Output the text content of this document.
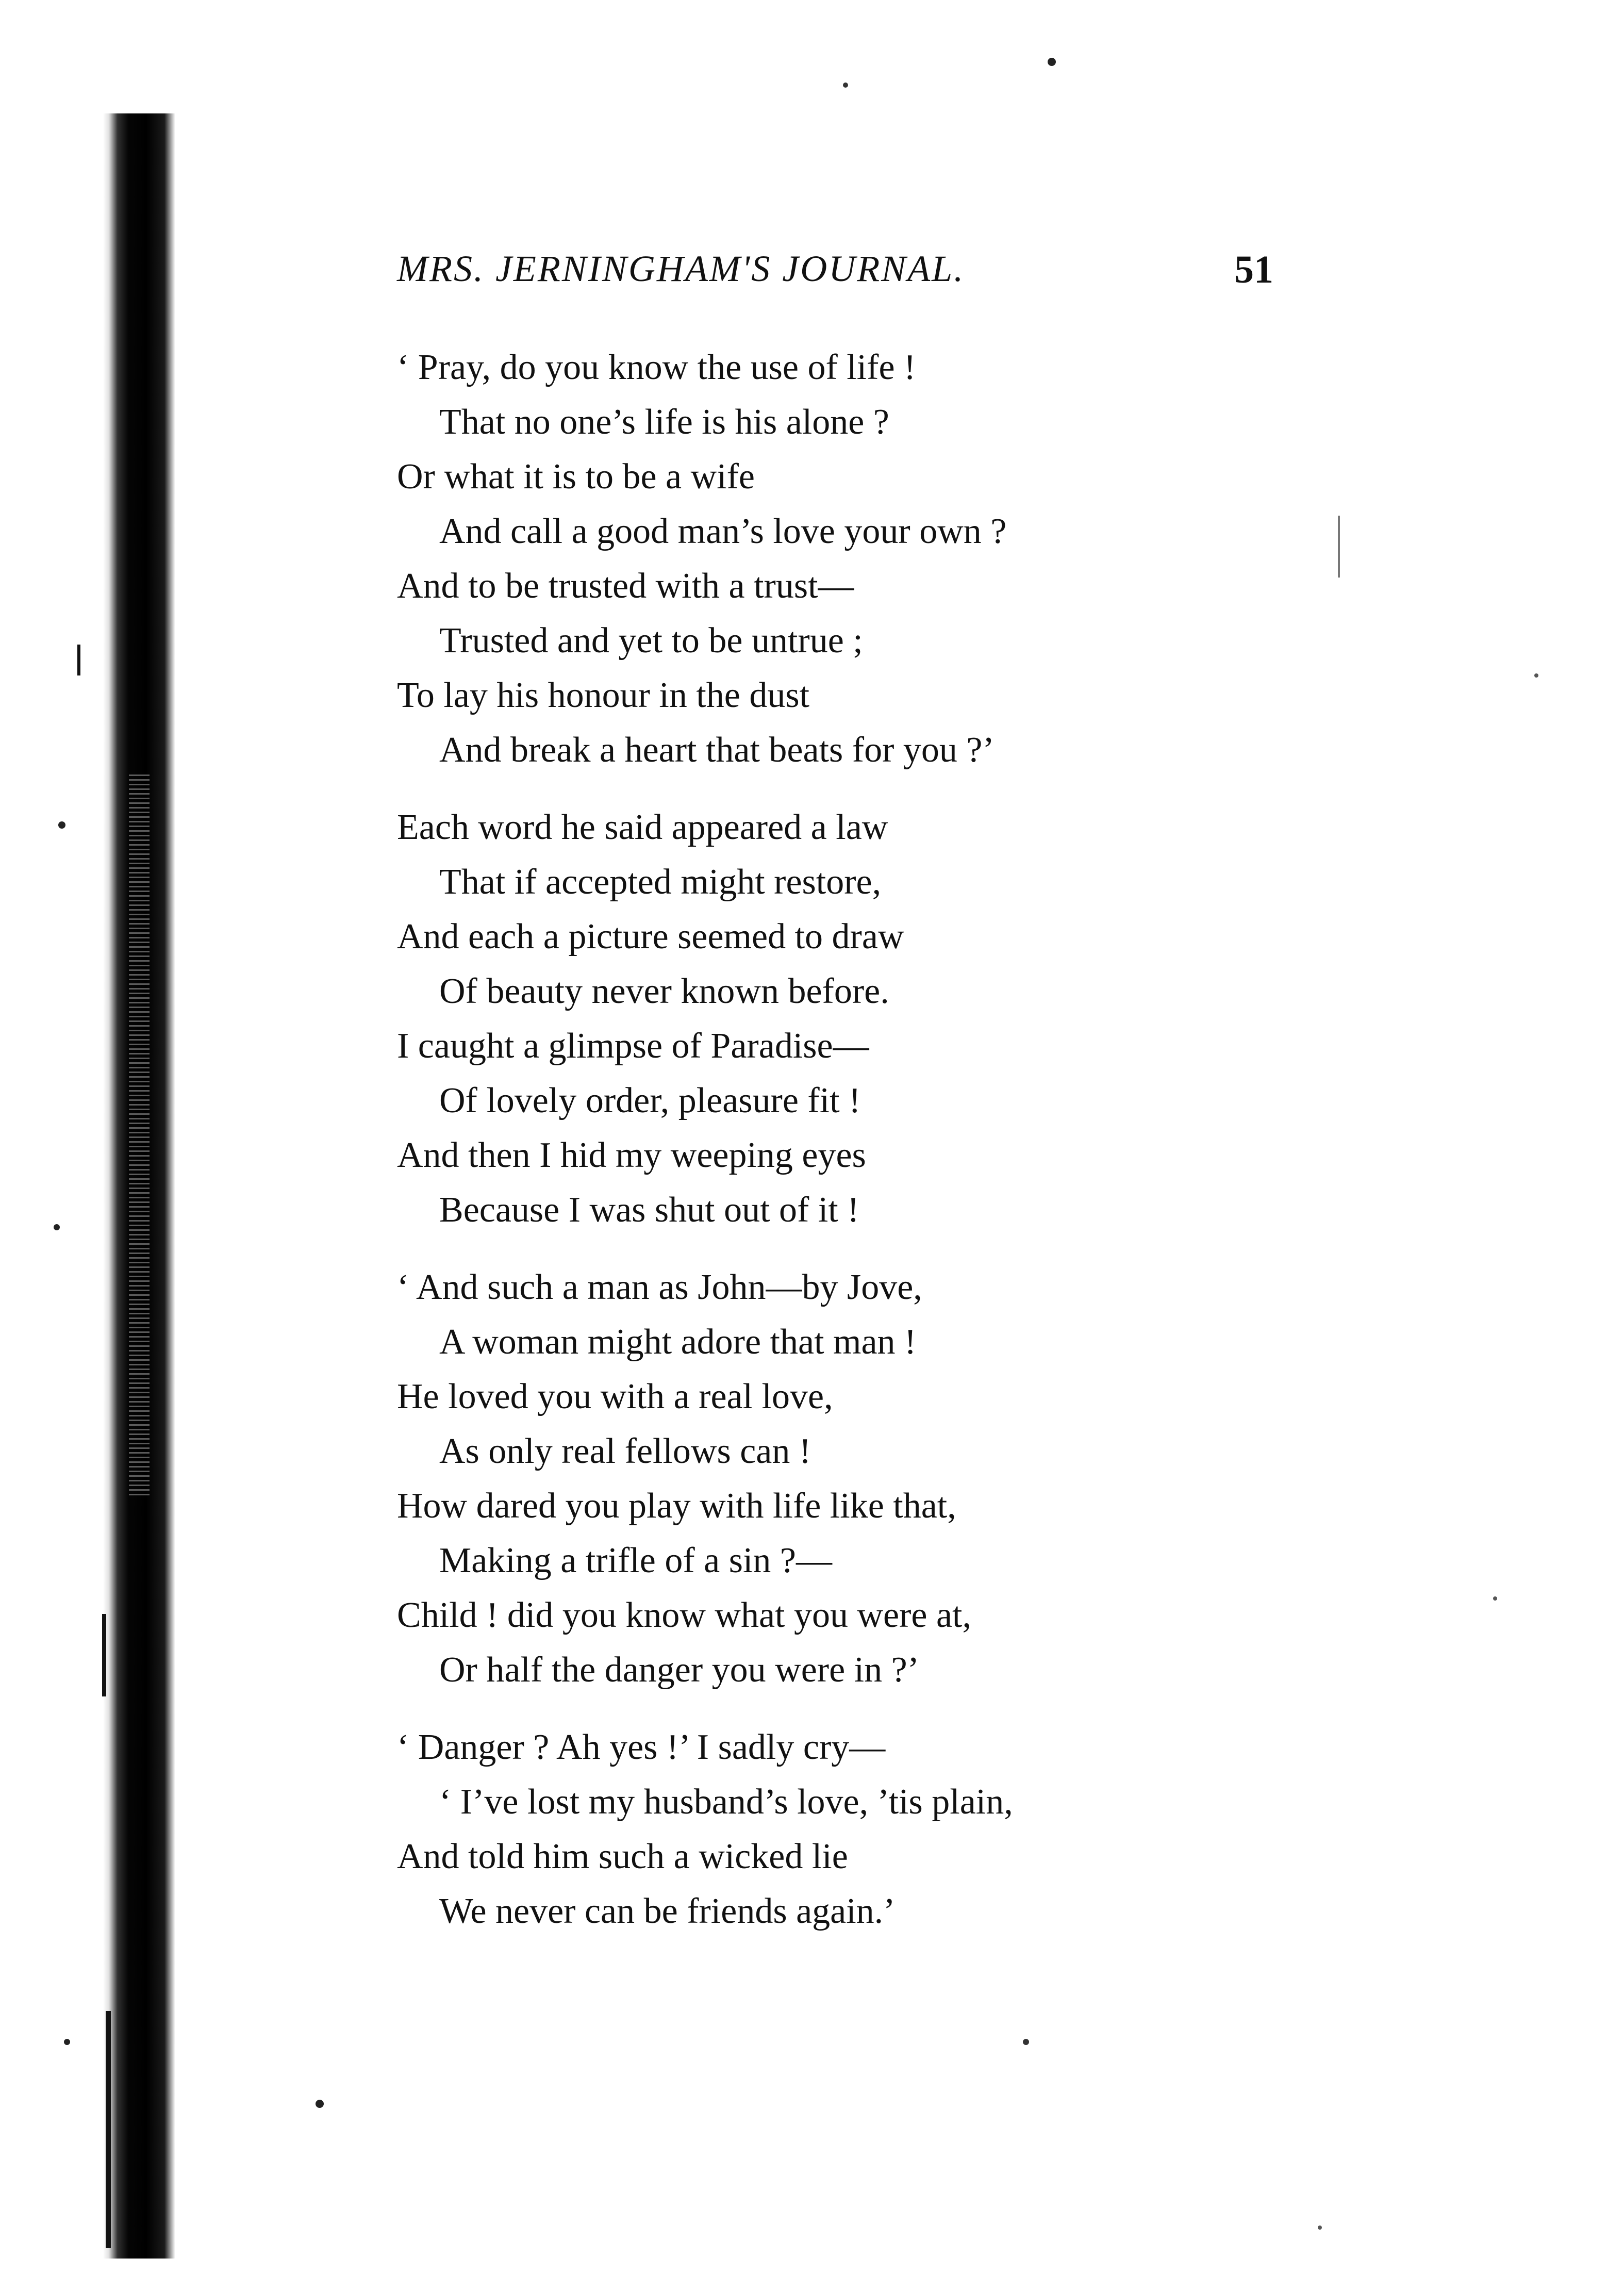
MRS. JERNINGHAM'S JOURNAL.	51
‘ Pray, do you know the use of life !
That no one’s life is his alone ?
Or what it is to be a wife
And call a good man’s love your own ?
And to be trusted with a trust—
Trusted and yet to be untrue ;
To lay his honour in the dust
And break a heart that beats for you ?’
Each word he said appeared a law
That if accepted might restore,
And each a picture seemed to draw
Of beauty never known before.
I caught a glimpse of Paradise—
Of lovely order, pleasure fit !
And then I hid my weeping eyes
Because I was shut out of it !
‘ And such a man as John—by Jove,
A woman might adore that man !
He loved you with a real love,
As only real fellows can !
How dared you play with life like that,
Making a trifle of a sin ?—
Child ! did you know what you were at,
Or half the danger you were in ?’
‘ Danger ? Ah yes !’ I sadly cry—
‘ I’ve lost my husband’s love, ’tis plain,
And told him such a wicked lie
We never can be friends again.’
